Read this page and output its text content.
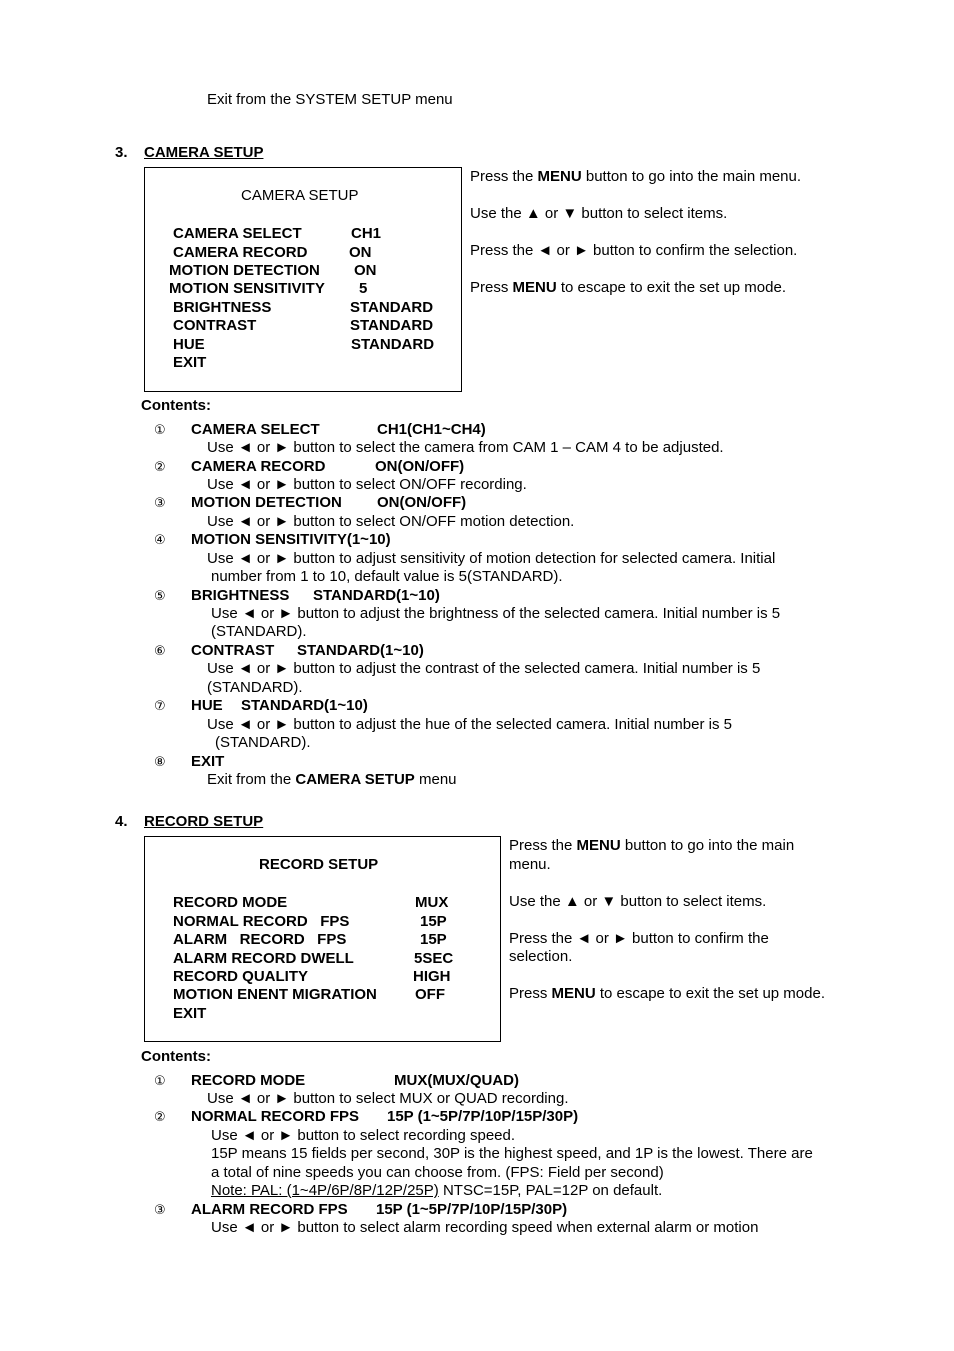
Exit from the SYSTEM SETUP menu
3. CAMERA SETUP
CAMERA SETUP
CAMERA SELECT	CH1
CAMERA RECORD	ON
MOTION DETECTION ON
MOTION SENSITIVITY 5
BRIGHTNESS	STANDARD
CONTRAST	STANDARD
HUE	STANDARD
EXIT
Press the MENU button to go into the main menu.
Use the ▲ or ▼ button to select items.
Press the ◄ or ► button to confirm the selection.
Press MENU to escape to exit the set up mode.
Contents:
① CAMERA SELECT	CH1(CH1~CH4)
Use ◄ or ► button to select the camera from CAM 1 – CAM 4 to be adjusted.
② CAMERA RECORD	ON(ON/OFF)
Use ◄ or ► button to select ON/OFF recording.
③ MOTION DETECTION ON(ON/OFF)
Use ◄ or ► button to select ON/OFF motion detection.
④ MOTION SENSITIVITY(1~10)
Use ◄ or ► button to adjust sensitivity of motion detection for selected camera. Initial
number from 1 to 10, default value is 5(STANDARD).
⑤ BRIGHTNESS STANDARD(1~10)
Use ◄ or ► button to adjust the brightness of the selected camera. Initial number is 5
(STANDARD).
⑥ CONTRAST STANDARD(1~10)
Use ◄ or ► button to adjust the contrast of the selected camera. Initial number is 5
(STANDARD).
⑦ HUE STANDARD(1~10)
Use ◄ or ► button to adjust the hue of the selected camera. Initial number is 5
(STANDARD).
⑧ EXIT
Exit from the CAMERA SETUP menu
4. RECORD SETUP
RECORD SETUP
RECORD MODE	MUX
NORMAL RECORD   FPS	15P
ALARM   RECORD   FPS	15P
ALARM RECORD DWELL	5SEC
RECORD QUALITY	HIGH
MOTION ENENT MIGRATION	OFF
EXIT
Press the MENU button to go into the main
menu.
Use the ▲ or ▼ button to select items.
Press the ◄ or ► button to confirm the
selection.
Press MENU to escape to exit the set up mode.
Contents:
① RECORD MODE	MUX(MUX/QUAD)
Use ◄ or ► button to select MUX or QUAD recording.
② NORMAL RECORD FPS 15P (1~5P/7P/10P/15P/30P)
Use ◄ or ► button to select recording speed.
15P means 15 fields per second, 30P is the highest speed, and 1P is the lowest. There are
a total of nine speeds you can choose from. (FPS: Field per second)
Note: PAL: (1~4P/6P/8P/12P/25P) NTSC=15P, PAL=12P on default.
③ ALARM RECORD FPS 15P (1~5P/7P/10P/15P/30P)
Use ◄ or ► button to select alarm recording speed when external alarm or motion
